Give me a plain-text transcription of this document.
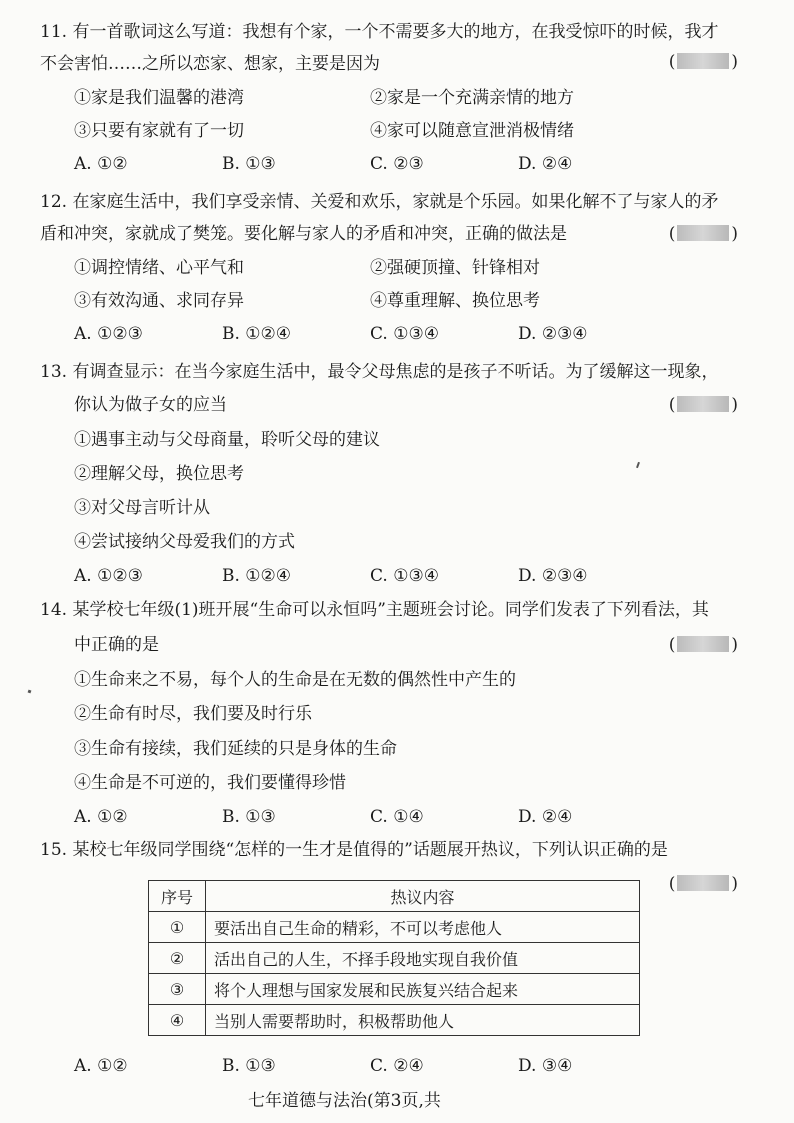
11. 有一首歌词这么写道：我想有个家，一个不需要多大的地方，在我受惊吓的时候，我才
不会害怕……之所以恋家、想家，主要是因为	(	)
①家是我们温馨的港湾	②家是一个充满亲情的地方
③只要有家就有了一切	④家可以随意宣泄消极情绪
A. ①②	B. ①③	C. ②③	D. ②④
12. 在家庭生活中，我们享受亲情、关爱和欢乐，家就是个乐园。如果化解不了与家人的矛
盾和冲突，家就成了樊笼。要化解与家人的矛盾和冲突，正确的做法是	(	)
①调控情绪、心平气和	②强硬顶撞、针锋相对
③有效沟通、求同存异	④尊重理解、换位思考
A. ①②③	B. ①②④	C. ①③④	D. ②③④
13. 有调查显示：在当今家庭生活中，最令父母焦虑的是孩子不听话。为了缓解这一现象，
你认为做子女的应当	(	)
①遇事主动与父母商量，聆听父母的建议
②理解父母，换位思考
③对父母言听计从
④尝试接纳父母爱我们的方式
A. ①②③	B. ①②④	C. ①③④	D. ②③④
14. 某学校七年级(1)班开展“生命可以永恒吗”主题班会讨论。同学们发表了下列看法，其
中正确的是	(	)
①生命来之不易，每个人的生命是在无数的偶然性中产生的
②生命有时尽，我们要及时行乐
③生命有接续，我们延续的只是身体的生命
④生命是不可逆的，我们要懂得珍惜
A. ①②	B. ①③	C. ①④	D. ②④
15. 某校七年级同学围绕“怎样的一生才是值得的”话题展开热议，下列认识正确的是
(	)
序号	热议内容
①	要活出自己生命的精彩，不可以考虑他人
②	活出自己的人生，不择手段地实现自我价值
③	将个人理想与国家发展和民族复兴结合起来
④	当别人需要帮助时，积极帮助他人
A. ①②	B. ①③	C. ②④	D. ③④
七年道德与法治(第3页,共
